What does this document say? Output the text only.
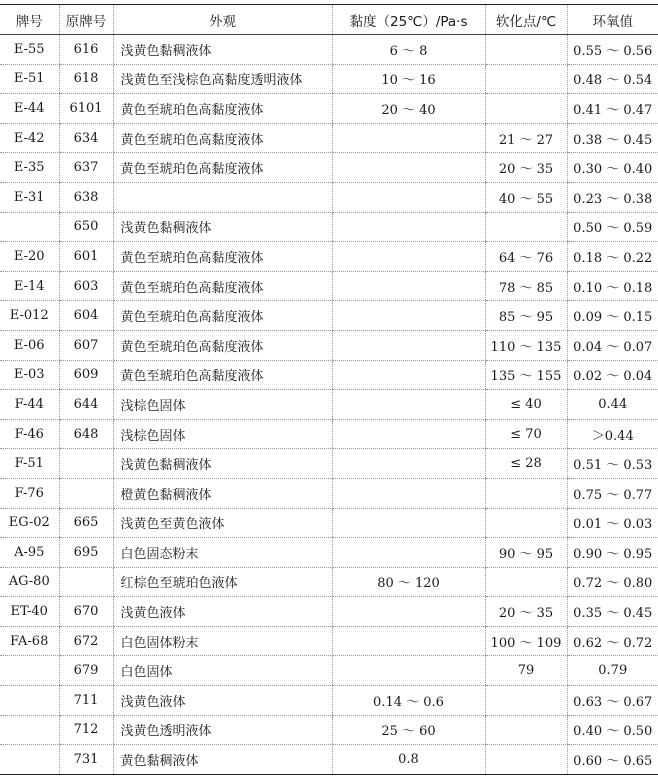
牌号	原牌号	外观	黏度（25℃）/Pa·s	软化点/℃	环氧值
E-55	616	浅黄色黏稠液体	6 ～ 8		0.55 ～ 0.56
E-51	618	浅黄色至浅棕色高黏度透明液体	10 ～ 16		0.48 ～ 0.54
E-44	6101	黄色至琥珀色高黏度液体	20 ～ 40		0.41 ～ 0.47
E-42	634	黄色至琥珀色高黏度液体		21 ～ 27	0.38 ～ 0.45
E-35	637	黄色至琥珀色高黏度液体		20 ～ 35	0.30 ～ 0.40
E-31	638			40 ～ 55	0.23 ～ 0.38
	650	浅黄色黏稠液体			0.50 ～ 0.59
E-20	601	黄色至琥珀色高黏度液体		64 ～ 76	0.18 ～ 0.22
E-14	603	黄色至琥珀色高黏度液体		78 ～ 85	0.10 ～ 0.18
E-012	604	黄色至琥珀色高黏度液体		85 ～ 95	0.09 ～ 0.15
E-06	607	黄色至琥珀色高黏度液体		110 ～ 135	0.04 ～ 0.07
E-03	609	黄色至琥珀色高黏度液体		135 ～ 155	0.02 ～ 0.04
F-44	644	浅棕色固体		≤ 40	0.44
F-46	648	浅棕色固体		≤ 70	＞0.44
F-51		浅黄色黏稠液体		≤ 28	0.51 ～ 0.53
F-76		橙黄色黏稠液体			0.75 ～ 0.77
EG-02	665	浅黄色至黄色液体			0.01 ～ 0.03
A-95	695	白色固态粉末		90 ～ 95	0.90 ～ 0.95
AG-80		红棕色至琥珀色液体	80 ～ 120		0.72 ～ 0.80
ET-40	670	浅黄色液体		20 ～ 35	0.35 ～ 0.45
FA-68	672	白色固体粉末		100 ～ 109	0.62 ～ 0.72
	679	白色固体		79	0.79
	711	浅黄色液体	0.14 ～ 0.6		0.63 ～ 0.67
	712	浅黄色透明液体	25 ～ 60		0.40 ～ 0.50
	731	黄色黏稠液体	0.8		0.60 ～ 0.65
